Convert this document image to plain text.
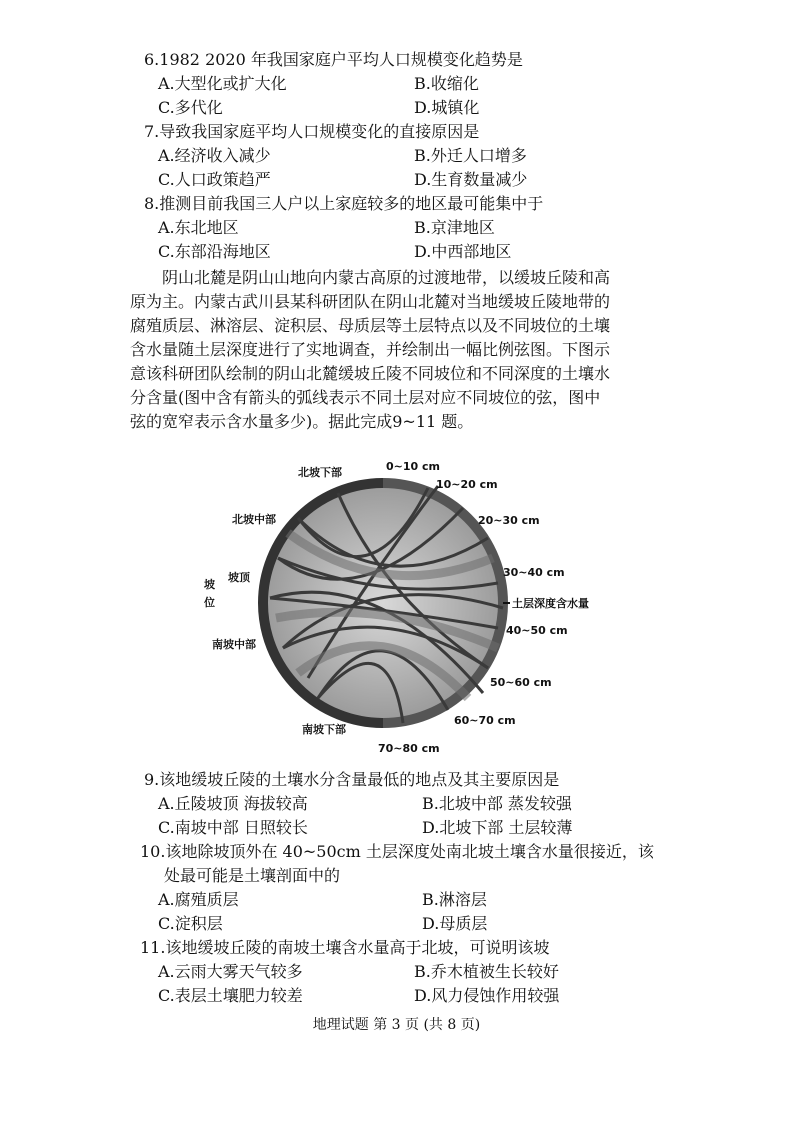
6.1982 2020 年我国家庭户平均人口规模变化趋势是
A.大型化或扩大化	B.收缩化
C.多代化	D.城镇化
7.导致我国家庭平均人口规模变化的直接原因是
A.经济收入减少	B.外迁人口增多
C.人口政策趋严	D.生育数量减少
8.推测目前我国三人户以上家庭较多的地区最可能集中于
A.东北地区	B.京津地区
C.东部沿海地区	D.中西部地区
阴山北麓是阴山山地向内蒙古高原的过渡地带，以缓坡丘陵和高
原为主。内蒙古武川县某科研团队在阴山北麓对当地缓坡丘陵地带的
腐殖质层、淋溶层、淀积层、母质层等土层特点以及不同坡位的土壤
含水量随土层深度进行了实地调查，并绘制出一幅比例弦图。下图示
意该科研团队绘制的阴山北麓缓坡丘陵不同坡位和不同深度的土壤水
分含量(图中含有箭头的弧线表示不同土层对应不同坡位的弦，图中
弦的宽窄表示含水量多少)。据此完成9~11 题。
北坡下部
北坡中部
坡顶
坡
位
南坡中部
南坡下部
0~10 cm
10~20 cm
20~30 cm
30~40 cm
土层深度含水量
40~50 cm
50~60 cm
60~70 cm
70~80 cm
9.该地缓坡丘陵的土壤水分含量最低的地点及其主要原因是
A.丘陵坡顶 海拔较高	B.北坡中部 蒸发较强
C.南坡中部 日照较长	D.北坡下部 土层较薄
10.该地除坡顶外在 40~50cm 土层深度处南北坡土壤含水量很接近，该
处最可能是土壤剖面中的
A.腐殖质层	B.淋溶层
C.淀积层	D.母质层
11.该地缓坡丘陵的南坡土壤含水量高于北坡，可说明该坡
A.云雨大雾天气较多	B.乔木植被生长较好
C.表层土壤肥力较差	D.风力侵蚀作用较强
地理试题 第 3 页 (共 8 页)
